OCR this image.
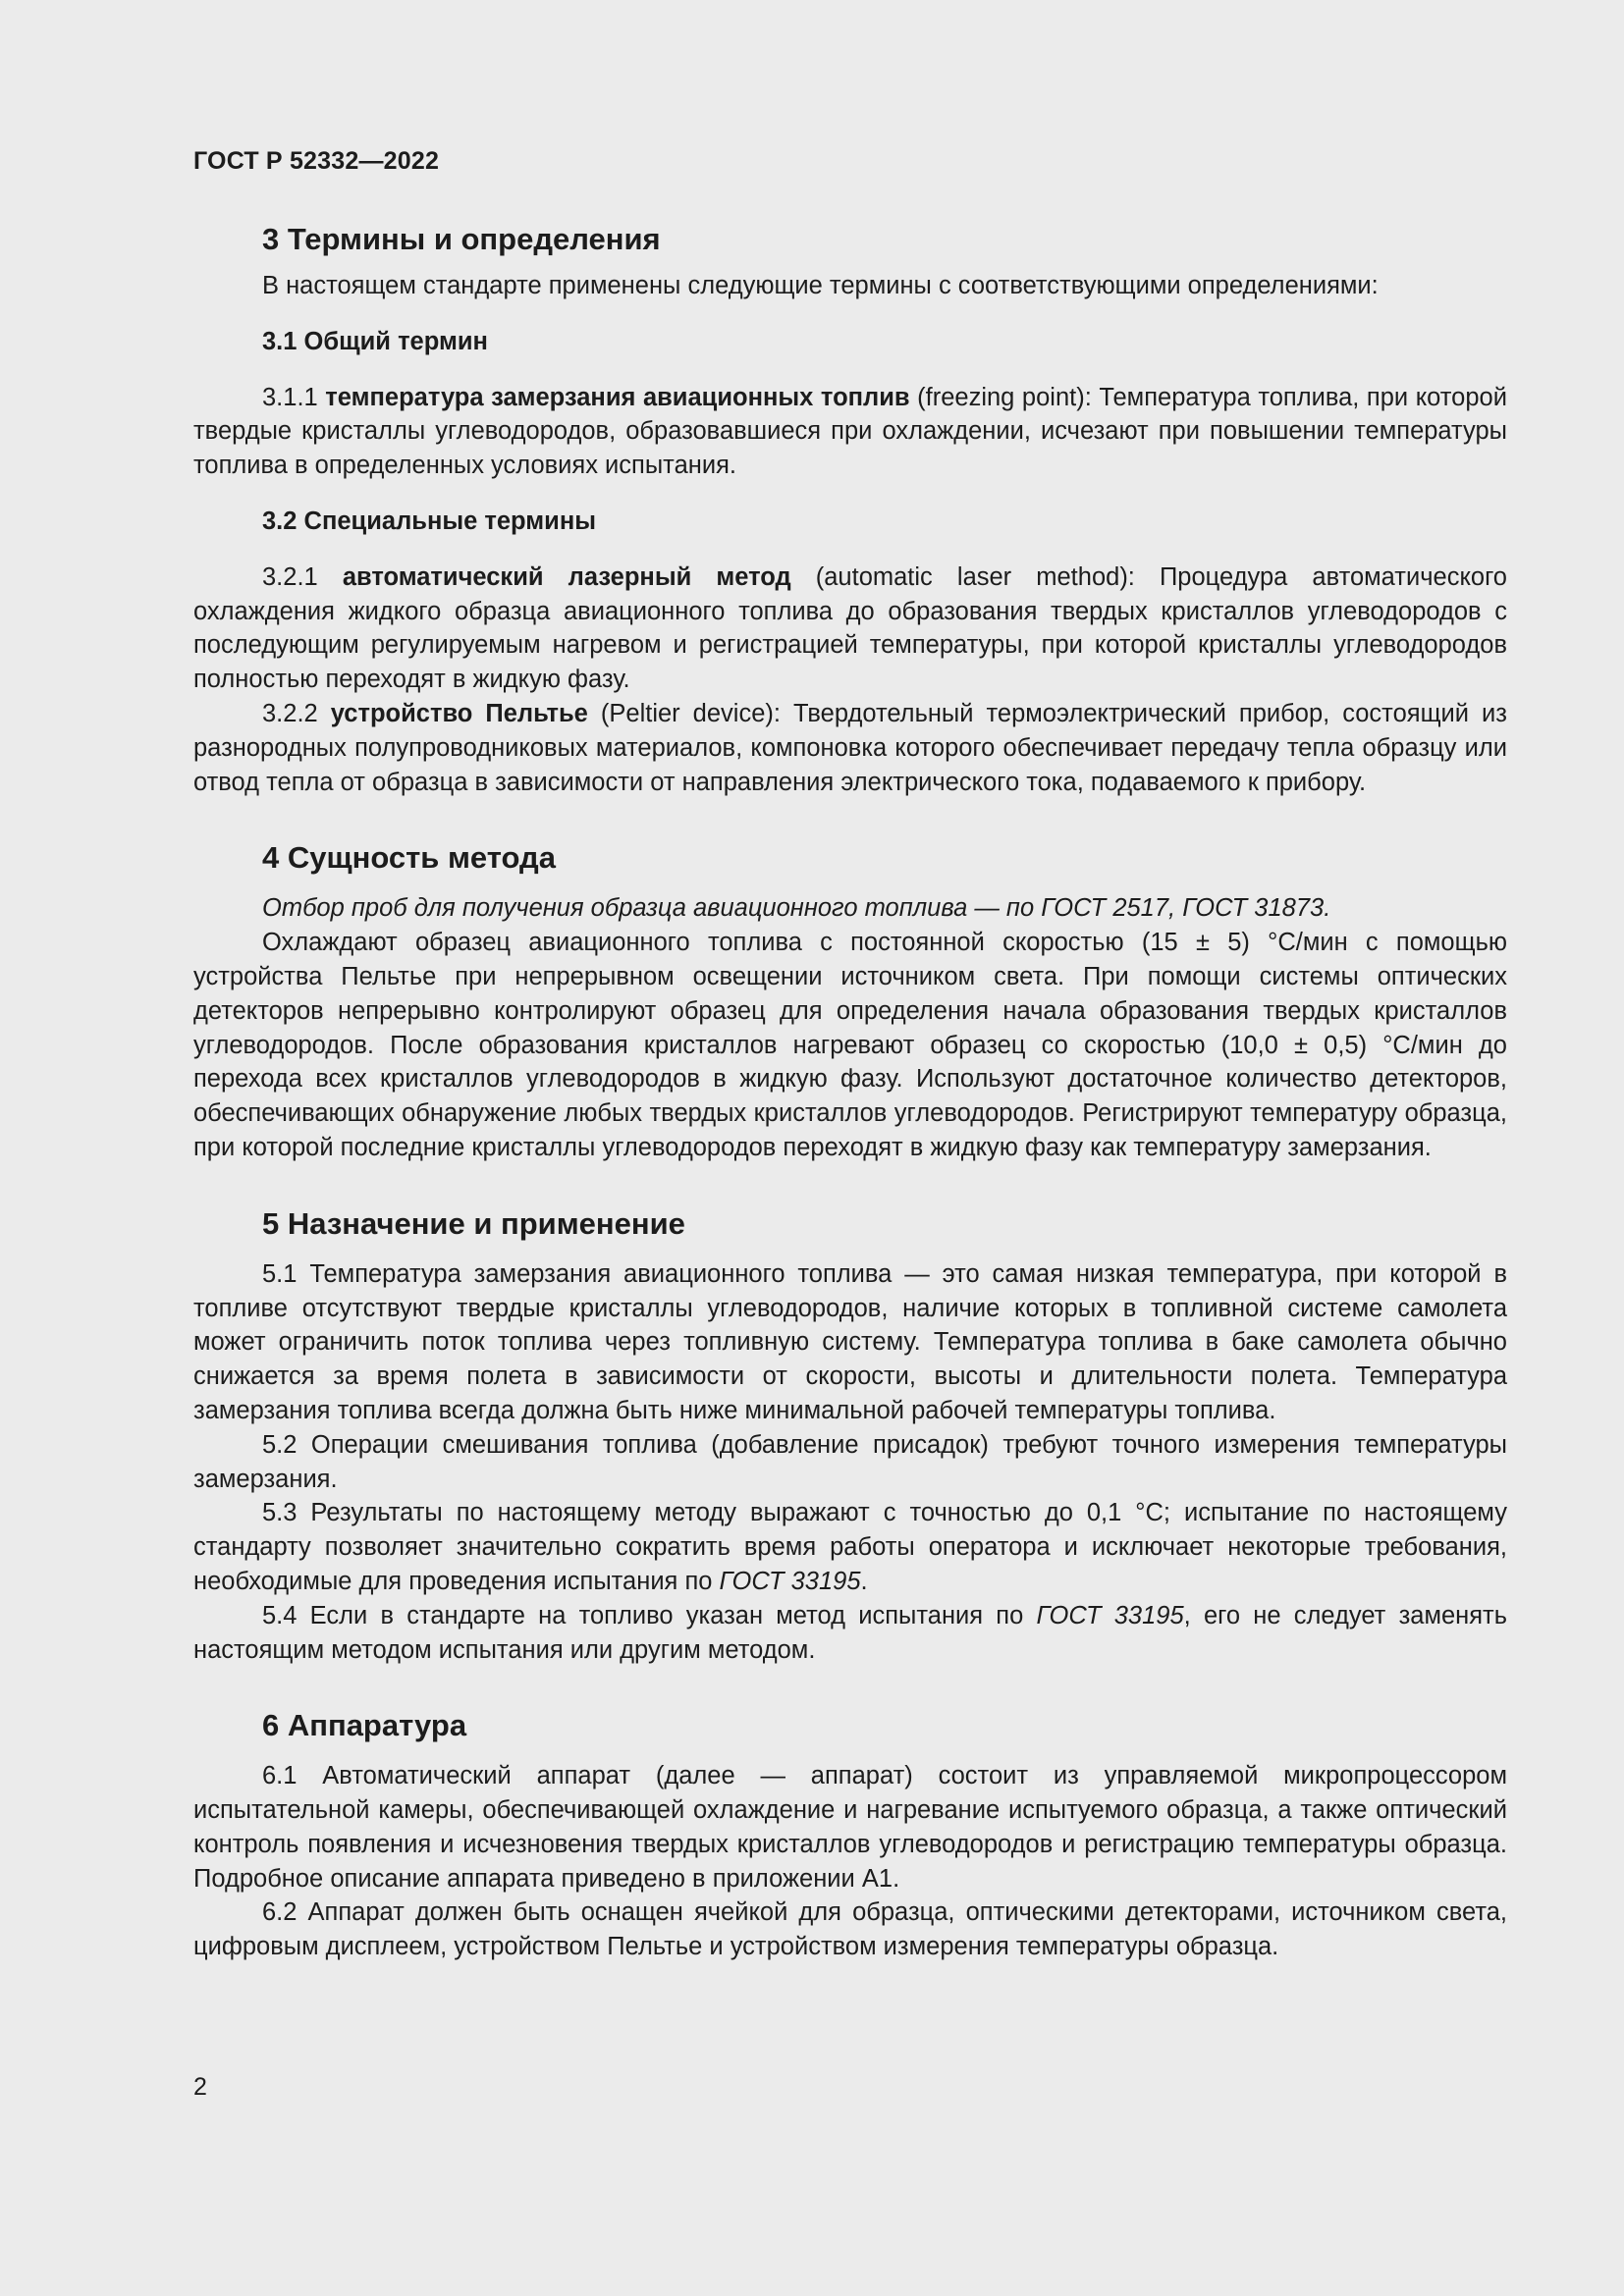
ГОСТ Р 52332—2022
3 Термины и определения

В настоящем стандарте применены следующие термины с соответствующими определениями:

3.1 Общий термин

3.1.1 температура замерзания авиационных топлив (freezing point): Температура топлива, при которой твердые кристаллы углеводородов, образовавшиеся при охлаждении, исчезают при повышении температуры топлива в определенных условиях испытания.

3.2 Специальные термины

3.2.1 автоматический лазерный метод (automatic laser method): Процедура автоматического охлаждения жидкого образца авиационного топлива до образования твердых кристаллов углеводородов с последующим регулируемым нагревом и регистрацией температуры, при которой кристаллы углеводородов полностью переходят в жидкую фазу.

3.2.2 устройство Пельтье (Peltier device): Твердотельный термоэлектрический прибор, состоящий из разнородных полупроводниковых материалов, компоновка которого обеспечивает передачу тепла образцу или отвод тепла от образца в зависимости от направления электрического тока, подаваемого к прибору.

4 Сущность метода

Отбор проб для получения образца авиационного топлива — по ГОСТ 2517, ГОСТ 31873.

Охлаждают образец авиационного топлива с постоянной скоростью (15 ± 5) °С/мин с помощью устройства Пельтье при непрерывном освещении источником света. При помощи системы оптических детекторов непрерывно контролируют образец для определения начала образования твердых кристаллов углеводородов. После образования кристаллов нагревают образец со скоростью (10,0 ± 0,5) °С/мин до перехода всех кристаллов углеводородов в жидкую фазу. Используют достаточное количество детекторов, обеспечивающих обнаружение любых твердых кристаллов углеводородов. Регистрируют температуру образца, при которой последние кристаллы углеводородов переходят в жидкую фазу как температуру замерзания.

5 Назначение и применение

5.1 Температура замерзания авиационного топлива — это самая низкая температура, при которой в топливе отсутствуют твердые кристаллы углеводородов, наличие которых в топливной системе самолета может ограничить поток топлива через топливную систему. Температура топлива в баке самолета обычно снижается за время полета в зависимости от скорости, высоты и длительности полета. Температура замерзания топлива всегда должна быть ниже минимальной рабочей температуры топлива.

5.2 Операции смешивания топлива (добавление присадок) требуют точного измерения температуры замерзания.

5.3 Результаты по настоящему методу выражают с точностью до 0,1 °С; испытание по настоящему стандарту позволяет значительно сократить время работы оператора и исключает некоторые требования, необходимые для проведения испытания по ГОСТ 33195.

5.4 Если в стандарте на топливо указан метод испытания по ГОСТ 33195, его не следует заменять настоящим методом испытания или другим методом.

6 Аппаратура

6.1 Автоматический аппарат (далее — аппарат) состоит из управляемой микропроцессором испытательной камеры, обеспечивающей охлаждение и нагревание испытуемого образца, а также оптический контроль появления и исчезновения твердых кристаллов углеводородов и регистрацию температуры образца. Подробное описание аппарата приведено в приложении А1.

6.2 Аппарат должен быть оснащен ячейкой для образца, оптическими детекторами, источником света, цифровым дисплеем, устройством Пельтье и устройством измерения температуры образца.

2
